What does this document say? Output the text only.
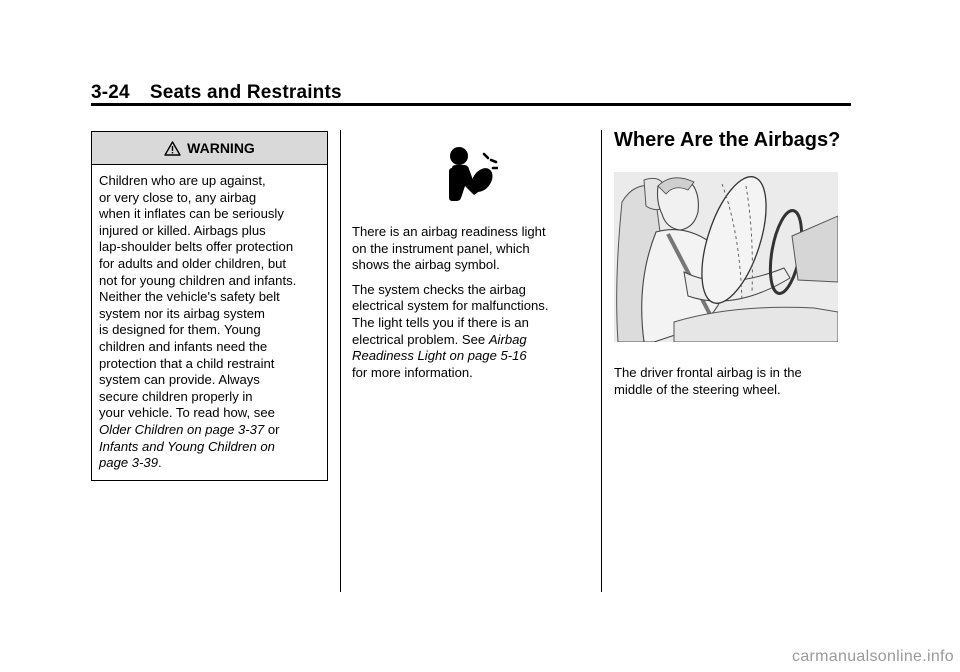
3-24 Seats and Restraints
WARNING
Children who are up against,
or very close to, any airbag
when it inflates can be seriously
injured or killed. Airbags plus
lap-shoulder belts offer protection
for adults and older children, but
not for young children and infants.
Neither the vehicle's safety belt
system nor its airbag system
is designed for them. Young
children and infants need the
protection that a child restraint
system can provide. Always
secure children properly in
your vehicle. To read how, see
Older Children on page 3-37 or
Infants and Young Children on
page 3-39.

There is an airbag readiness light
on the instrument panel, which
shows the airbag symbol.

The system checks the airbag
electrical system for malfunctions.
The light tells you if there is an
electrical problem. See Airbag
Readiness Light on page 5-16
for more information.

Where Are the Airbags?
The driver frontal airbag is in the
middle of the steering wheel.
carmanualsonline.info
